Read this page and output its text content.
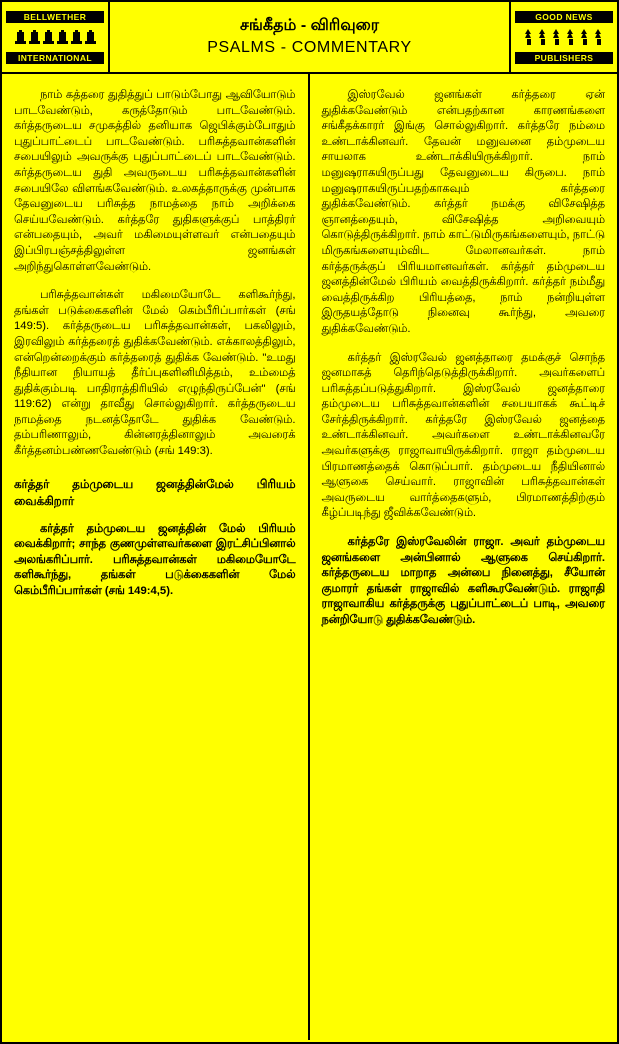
BELLWETHER
INTERNATIONAL
சங்கீதம் - விரிவுரை
PSALMS - COMMENTARY
GOOD NEWS
PUBLISHERS

நாம் கத்தரை துதித்துப் பாடும்போது ஆவியோடும் பாடவேண்டும், கருத்தோடும் பாடவேண்டும். கர்த்தருடைய சமுகத்தில் தனியாக ஜெபிக்கும்போதும் புதுப்பாட்டைப் பாடவேண்டும். பரிசுத்தவான்களின் சபையிலும் அவருக்கு புதுப்பாட்டைப் பாடவேண்டும். கர்த்தருடைய துதி அவருடைய பரிசுத்தவான்களின் சபையிலே விளங்கவேண்டும். உலகத்தாருக்கு முன்பாக தேவனுடைய பரிசுத்த நாமத்தை நாம் அறிக்கை செய்யவேண்டும். கர்த்தரே துதிகளுக்குப் பாத்திரர் என்பதையும், அவர் மகிமையுள்ளவர் என்பதையும் இப்பிரபஞ்சத்திலுள்ள ஜனங்கள் அறிந்துகொள்ளவேண்டும்.

பரிசுத்தவான்கள் மகிமையோடே களிகூர்ந்து, தங்கள் படுக்கைகளின் மேல் கெம்பீரிப்பார்கள் (சங் 149:5). கர்த்தருடைய பரிசுத்தவான்கள், பகலிலும், இரவிலும் கர்த்தரைத் துதிக்கவேண்டும். எக்காலத்திலும், என்றென்றைக்கும் கர்த்தரைத் துதிக்க வேண்டும். "உமது நீதியான நியாயத் தீர்ப்புகளினிமித்தம், உம்மைத் துதிக்கும்படி பாதிராத்திரியில் எழுந்திருப்பேன்" (சங் 119:62) என்று தாவீது சொல்லுகிறார். கர்த்தருடைய நாமத்தை நடனத்தோடே துதிக்க வேண்டும். தம்பரிணாலும், கின்னரத்தினாலும் அவரைக் கீர்த்தனம்பண்ணவேண்டும் (சங் 149:3).

கர்த்தர் தம்முடைய ஜனத்தின்மேல் பிரியம் வைக்கிறார்

கர்த்தர் தம்முடைய ஜனத்தின் மேல் பிரியம் வைக்கிறார்; சாந்த குணமுள்ளவர்களை இரட்சிப்பினால் அலங்கரிப்பார். பரிசுத்தவான்கள் மகிமையோடே களிகூர்ந்து, தங்கள் படுக்கைகளின் மேல் கெம்பீரிப்பார்கள் (சங் 149:4,5).

இஸ்ரவேல் ஜனங்கள் கர்த்தரை ஏன் துதிக்கவேண்டும் என்பதற்கான காரணங்களை சங்கீதக்காரர் இங்கு சொல்லுகிறார். கர்த்தரே நம்மை உண்டாக்கினவர். தேவன் மனுவனை தம்முடைய சாயலாக உண்டாக்கியிருக்கிறார். நாம் மனுஷராகயிருப்பது தேவனுடைய கிருபை. நாம் மனுஷராகயிருப்பதற்காகவும் கர்த்தரை துதிக்கவேண்டும். கர்த்தர் நமக்கு விசேஷித்த ஞானத்தையும், விசேஷித்த அறிவையும் கொடுத்திருக்கிறார். நாம் காட்டுமிருகங்களையும், நாட்டு மிருகங்களையும்விட மேலானவர்கள். நாம் கர்த்தருக்குப் பிரியமானவர்கள். கர்த்தர் தம்முடைய ஜனத்தின்மேல் பிரியம் வைத்திருக்கிறார். கர்த்தர் நம்மீது வைத்திருக்கிற பிரியத்தை, நாம் நன்றியுள்ள இருதயத்தோடு நினைவு கூர்ந்து, அவரை துதிக்கவேண்டும்.

கர்த்தர் இஸ்ரவேல் ஜனத்தாரை தமக்குச் சொந்த ஜனமாகத் தெரிந்தெடுத்திருக்கிறார். அவர்களைப் பரிசுத்தப்படுத்துகிறார். இஸ்ரவேல் ஜனத்தாரை தம்முடைய பரிசுத்தவான்களின் சபையாகக் கூட்டிச் சேர்த்திருக்கிறார். கர்த்தரே இஸ்ரவேல் ஜனத்தை உண்டாக்கினவர். அவர்களை உண்டாக்கினவரே அவர்களுக்கு ராஜாவாயிருக்கிறார். ராஜா தம்முடைய பிரமாணத்தைக் கொடுப்பார். தம்முடைய நீதியினால் ஆளுகை செய்வார். ராஜாவின் பரிசுத்தவான்கள் அவருடைய வார்த்தைகளும், பிரமாணத்திற்கும் கீழ்ப்படிந்து ஜீவிக்கவேண்டும்.

கர்த்தரே இஸ்ரவேலின் ராஜா. அவர் தம்முடைய ஜனங்களை அன்பினால் ஆளுகை செய்கிறார். கர்த்தருடைய மாறாத அன்பை நினைத்து, சீயோன் குமாரர் தங்கள் ராஜாவில் களிகூரவேண்டும். ராஜாதி ராஜாவாகிய கர்த்தருக்கு புதுப்பாட்டைப் பாடி, அவரை நன்றியோடு துதிக்கவேண்டும்.
